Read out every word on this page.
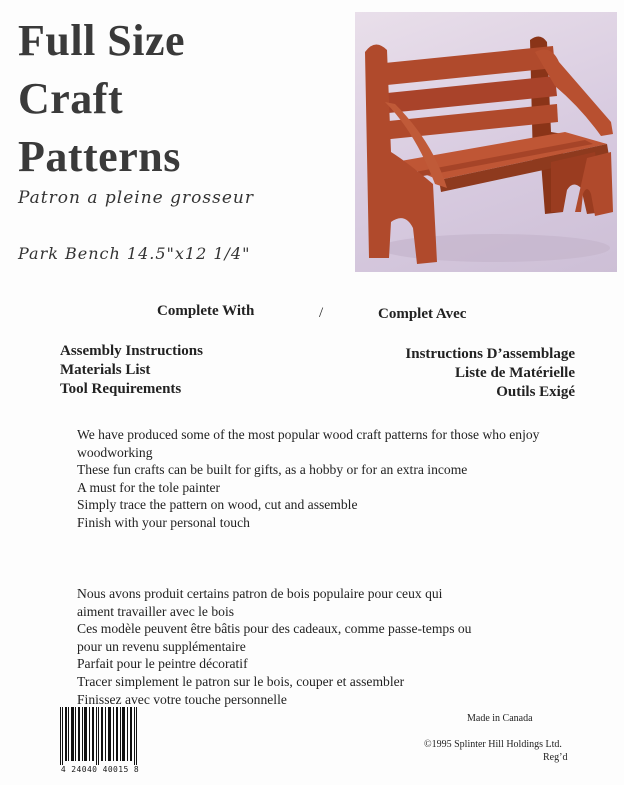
Full Size
Craft
Patterns
Patron a pleine grosseur
Park Bench 14.5"x12 1/4"
Complete With	/	Complet Avec
Assembly Instructions
Materials List
Tool Requirements
Instructions D’assemblage
Liste de Matérielle
Outils Exigé
We have produced some of the most popular wood craft patterns for those who enjoy
woodworking
These fun crafts can be built for gifts, as a hobby or for an extra income
A must for the tole painter
Simply trace the pattern on wood, cut and assemble
Finish with your personal touch
Nous avons produit certains patron de bois populaire pour ceux qui
aiment travailler avec le bois
Ces modèle peuvent être bâtis pour des cadeaux, comme passe-temps ou
pour un revenu supplémentaire
Parfait pour le peintre décoratif
Tracer simplement le patron sur le bois, couper et assembler
Finissez avec votre touche personnelle
Made in Canada
©1995 Splinter Hill Holdings Ltd.
Reg’d
4 24040 40015 8
